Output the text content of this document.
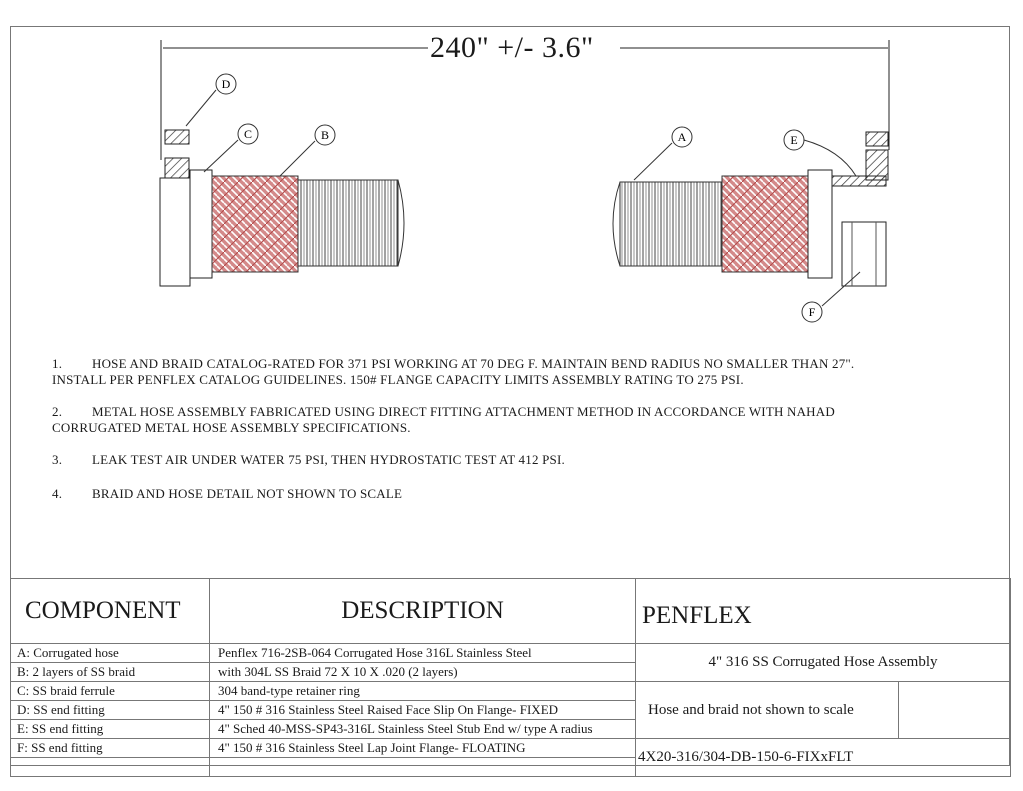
D
C	B	A	E
F
240" +/- 3.6"
1. HOSE AND BRAID CATALOG-RATED FOR 371 PSI WORKING AT 70 DEG F. MAINTAIN BEND RADIUS NO SMALLER THAN 27".
INSTALL PER PENFLEX CATALOG GUIDELINES. 150# FLANGE CAPACITY LIMITS ASSEMBLY RATING TO 275 PSI.
2. METAL HOSE ASSEMBLY FABRICATED USING DIRECT FITTING ATTACHMENT METHOD IN ACCORDANCE WITH NAHAD
CORRUGATED METAL HOSE ASSEMBLY SPECIFICATIONS.
3. LEAK TEST AIR UNDER WATER 75 PSI, THEN HYDROSTATIC TEST AT 412 PSI.
4. BRAID AND HOSE DETAIL NOT SHOWN TO SCALE
COMPONENT	DESCRIPTION	PENFLEX	
A: Corrugated hose	Penflex 716-2SB-064 Corrugated Hose 316L Stainless Steel	4" 316 SS Corrugated Hose Assembly	
B: 2 layers of SS braid	with 304L SS Braid 72 X 10 X .020 (2 layers)		
C: SS braid ferrule	304 band-type retainer ring	Hose and braid not shown to scale	
D: SS end fitting	4" 150 # 316 Stainless Steel Raised Face Slip On Flange- FIXED		
E: SS end fitting	4" Sched 40-MSS-SP43-316L Stainless Steel Stub End w/ type A radius		
F: SS end fitting	4" 150 # 316 Stainless Steel Lap Joint Flange- FLOATING	4X20-316/304-DB-150-6-FIXxFLT	
